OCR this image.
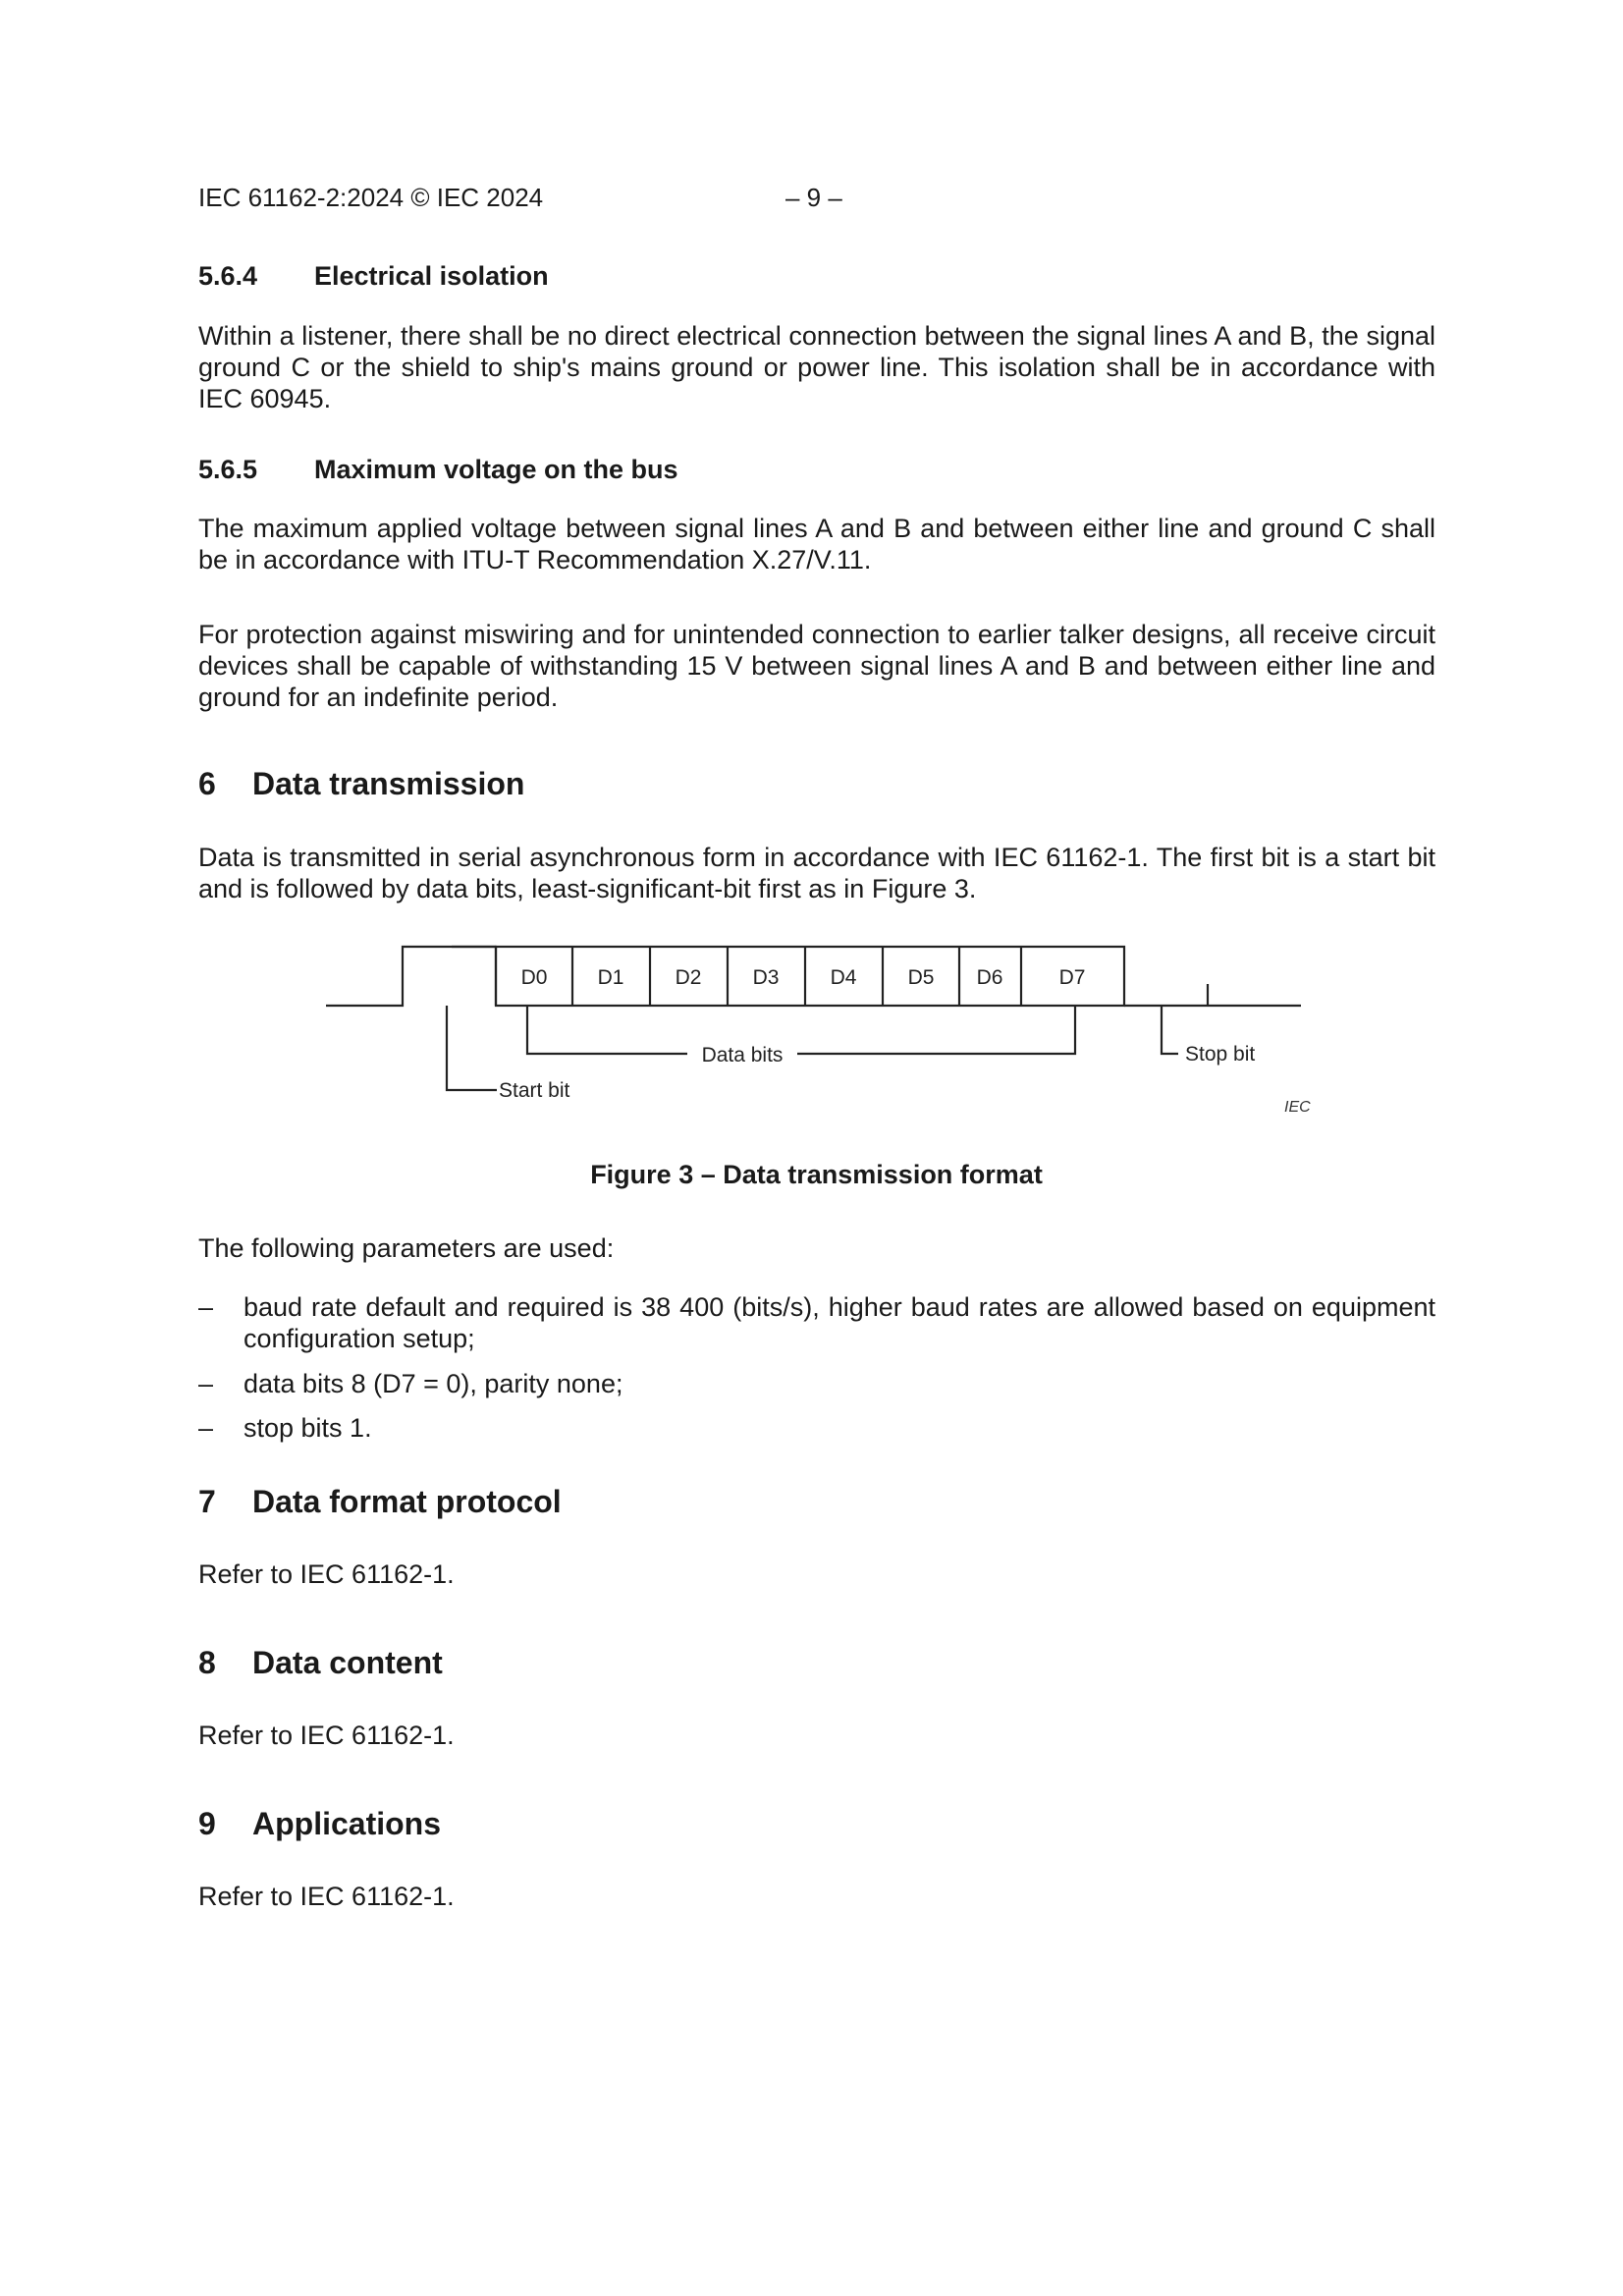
IEC 61162-2:2024 © IEC 2024	– 9 –
5.6.4 Electrical isolation

Within a listener, there shall be no direct electrical connection between the signal lines A and B, the signal ground C or the shield to ship's mains ground or power line. This isolation shall be in accordance with IEC 60945.

5.6.5 Maximum voltage on the bus

The maximum applied voltage between signal lines A and B and between either line and ground C shall be in accordance with ITU-T Recommendation X.27/V.11.

For protection against miswiring and for unintended connection to earlier talker designs, all receive circuit devices shall be capable of withstanding 15 V between signal lines A and B and between either line and ground for an indefinite period.

6 Data transmission

Data is transmitted in serial asynchronous form in accordance with IEC 61162-1. The first bit is a start bit and is followed by data bits, least-significant-bit first as in Figure 3.

D0 D1 D2 D3 D4 D5 D6	D7
Data bits
Start bit
Stop bit
IEC
Figure 3 – Data transmission format

The following parameters are used:

– baud rate default and required is 38 400 (bits/s), higher baud rates are allowed based on equipment configuration setup;
– data bits 8 (D7 = 0), parity none;
– stop bits 1.
7 Data format protocol

Refer to IEC 61162-1.

8 Data content

Refer to IEC 61162-1.

9 Applications

Refer to IEC 61162-1.
